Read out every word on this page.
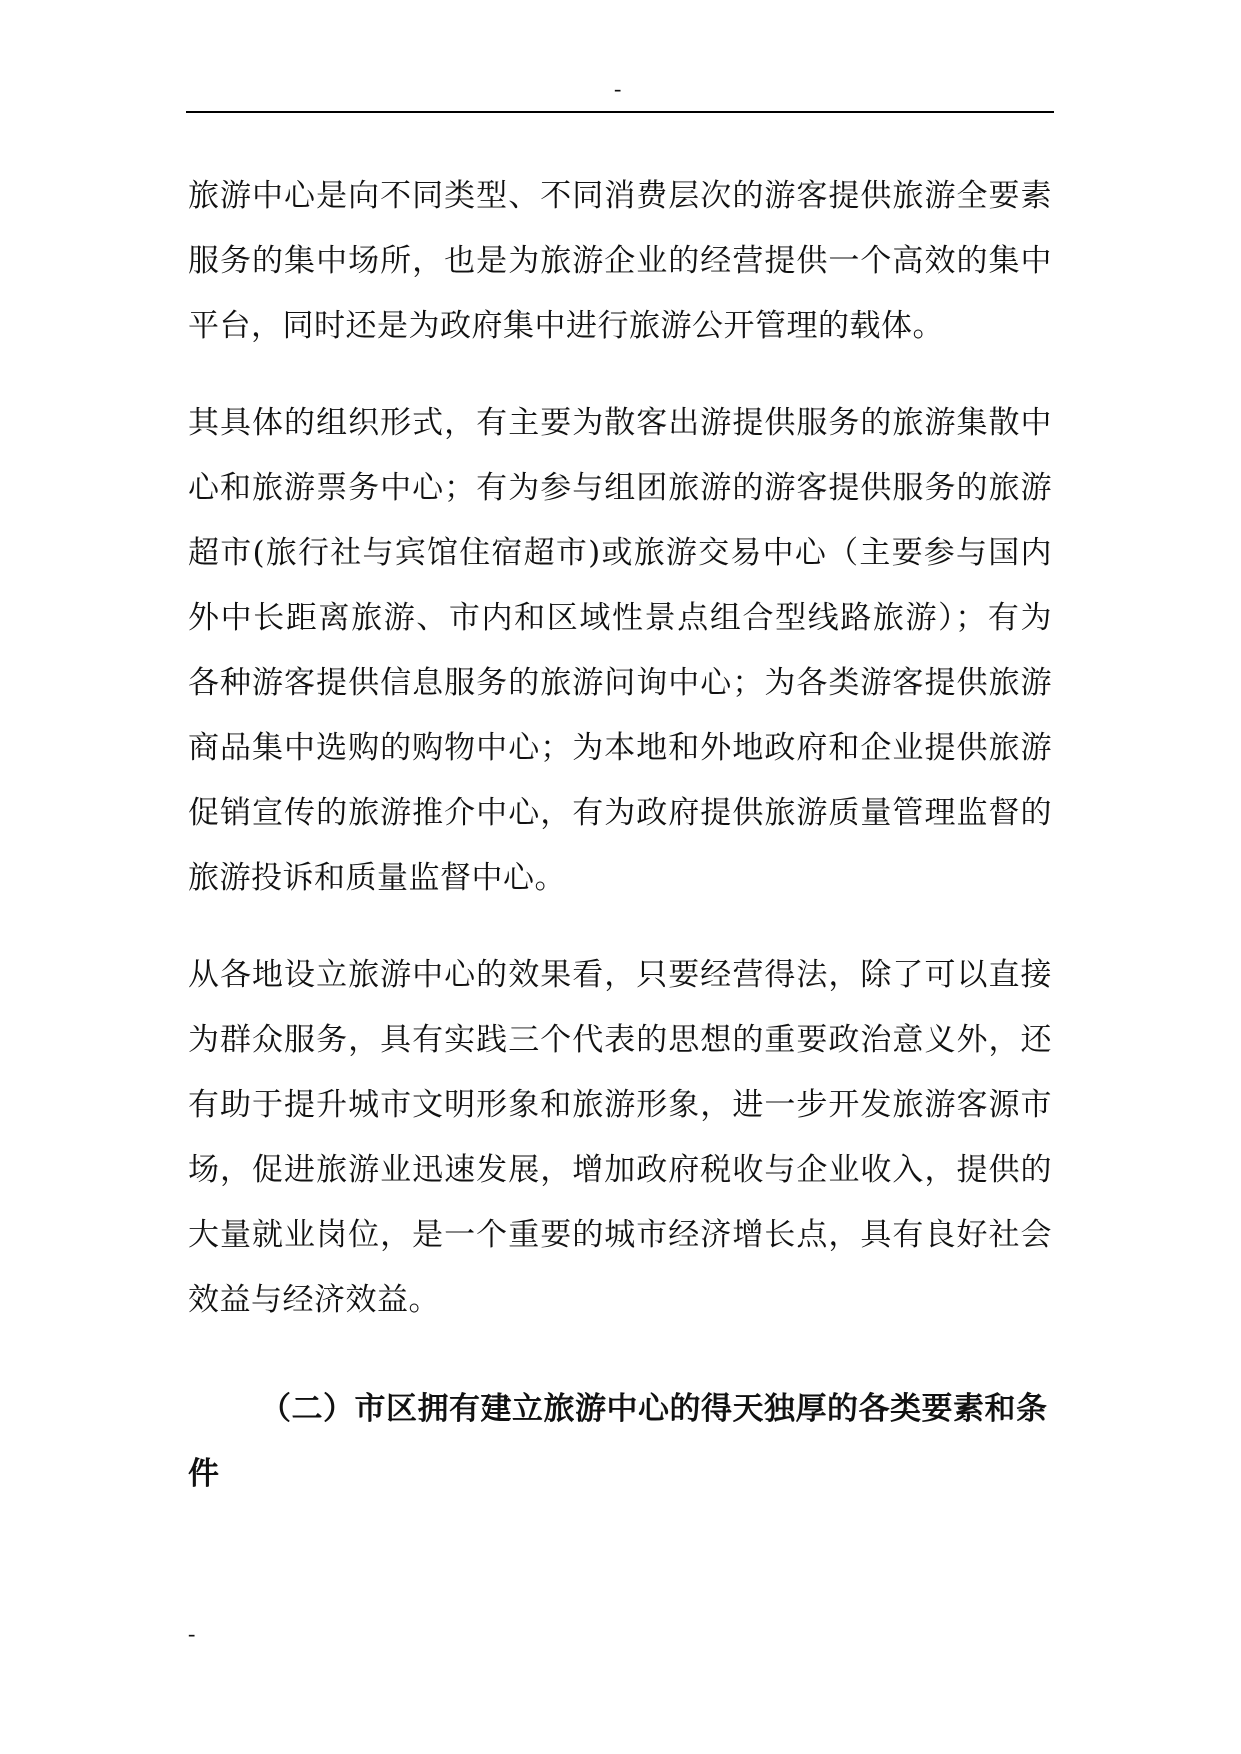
-

旅游中心是向不同类型、不同消费层次的游客提供旅游全要素服务的集中场所，也是为旅游企业的经营提供一个高效的集中平台，同时还是为政府集中进行旅游公开管理的载体。

其具体的组织形式，有主要为散客出游提供服务的旅游集散中心和旅游票务中心；有为参与组团旅游的游客提供服务的旅游超市(旅行社与宾馆住宿超市)或旅游交易中心（主要参与国内外中长距离旅游、市内和区域性景点组合型线路旅游）；有为各种游客提供信息服务的旅游问询中心；为各类游客提供旅游商品集中选购的购物中心；为本地和外地政府和企业提供旅游促销宣传的旅游推介中心，有为政府提供旅游质量管理监督的旅游投诉和质量监督中心。

从各地设立旅游中心的效果看，只要经营得法，除了可以直接为群众服务，具有实践三个代表的思想的重要政治意义外，还有助于提升城市文明形象和旅游形象，进一步开发旅游客源市场，促进旅游业迅速发展，增加政府税收与企业收入，提供的大量就业岗位，是一个重要的城市经济增长点，具有良好社会效益与经济效益。

（二）市区拥有建立旅游中心的得天独厚的各类要素和条件

-
